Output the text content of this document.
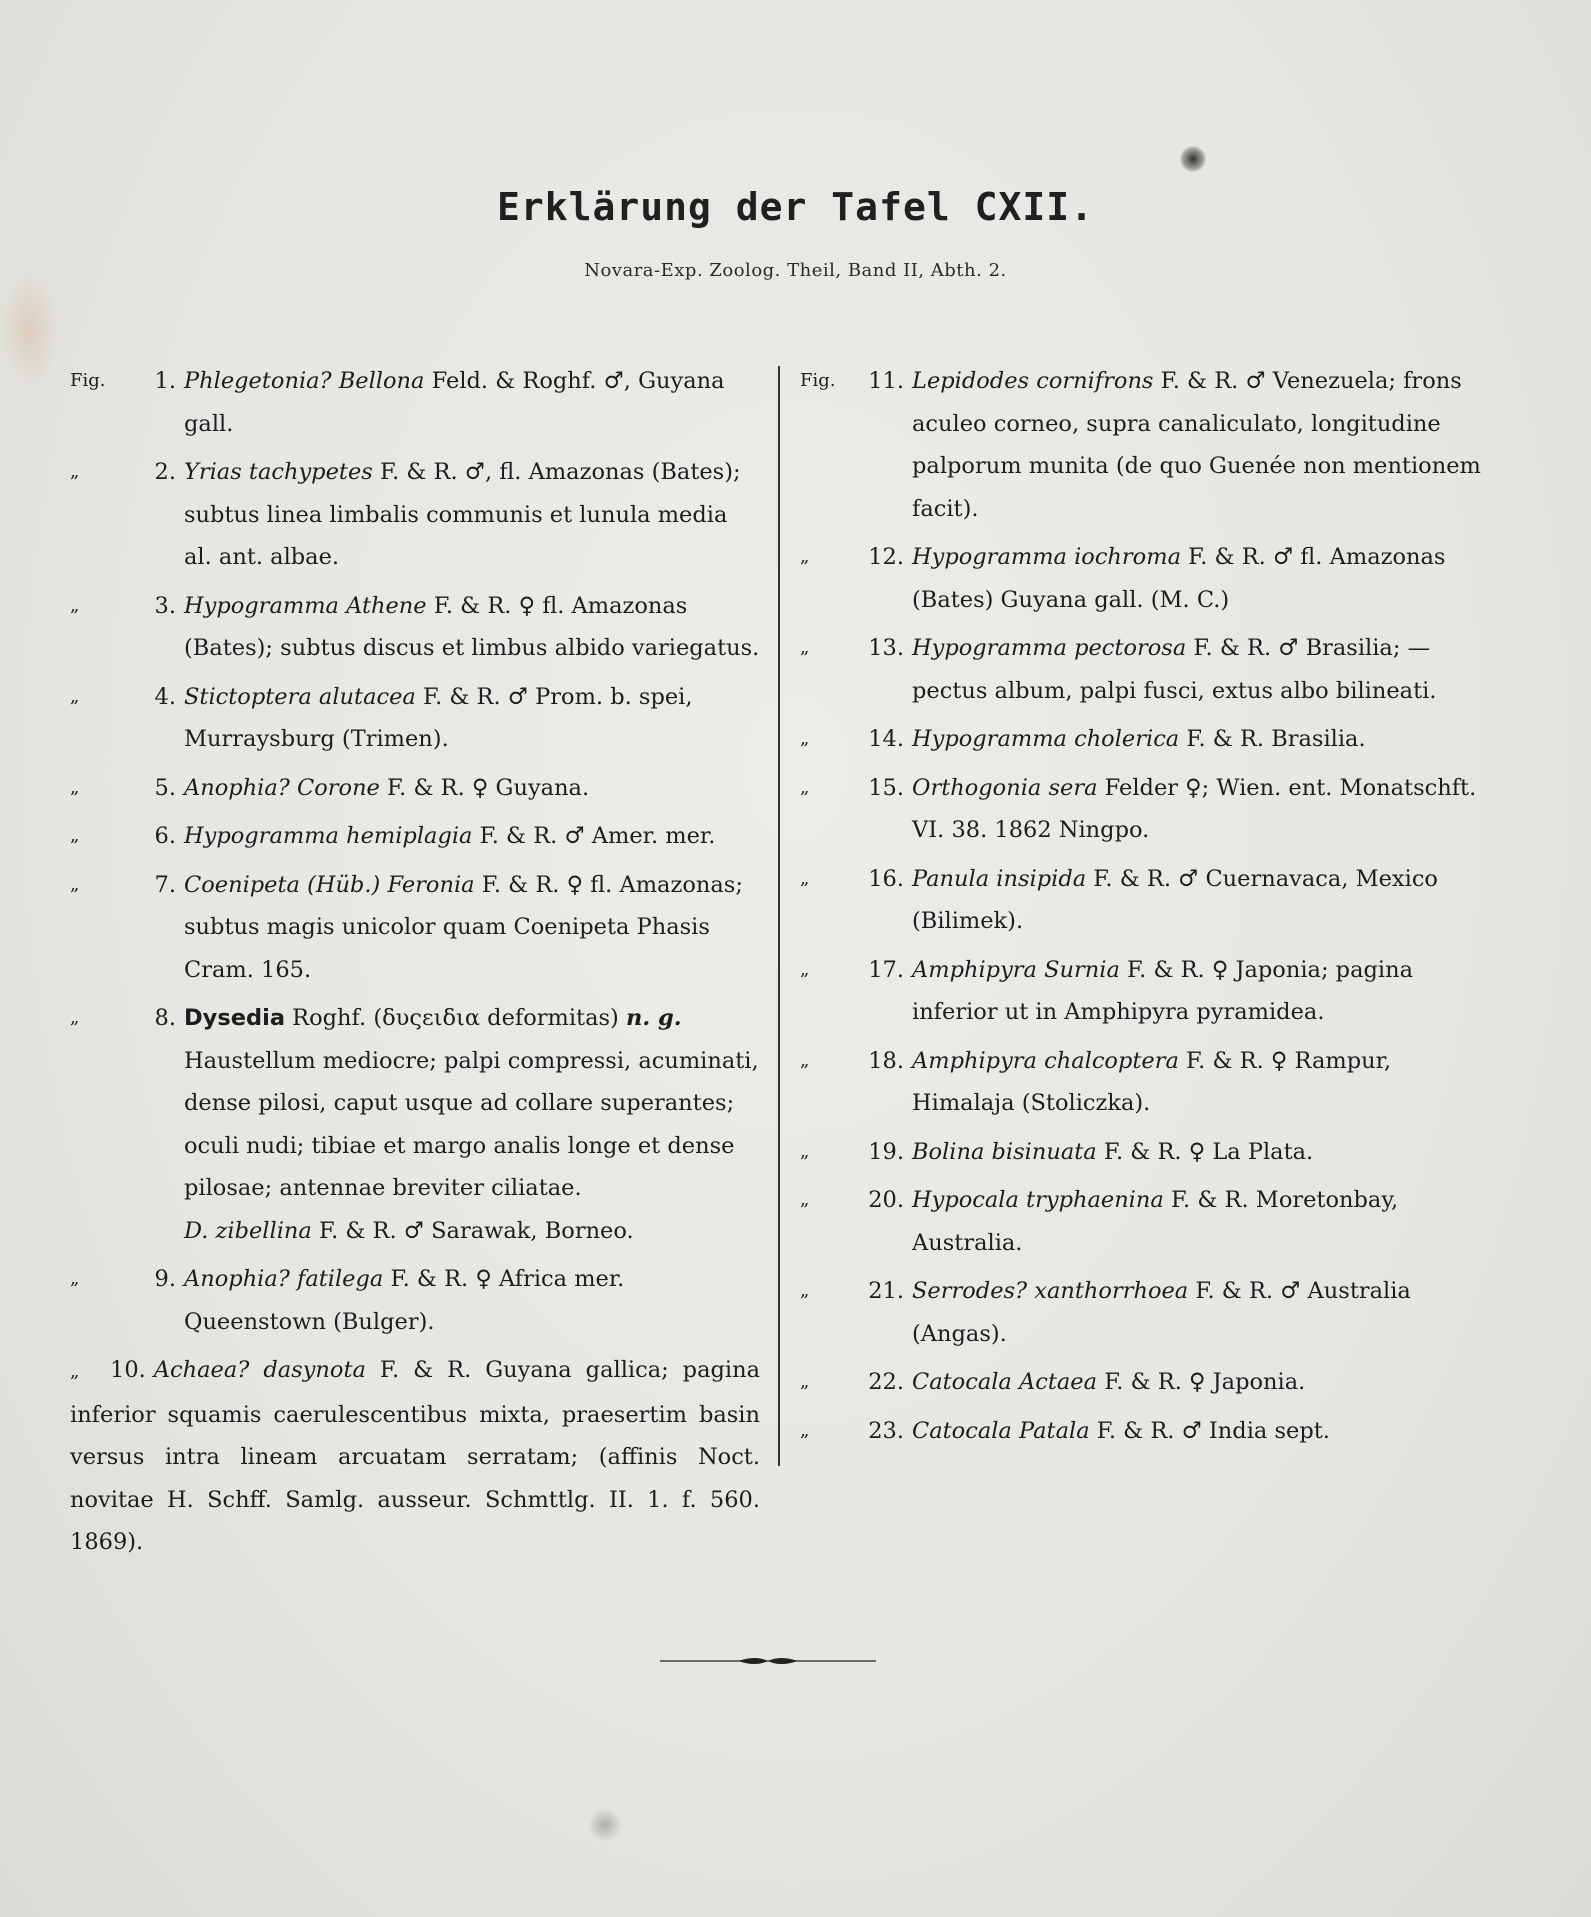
Erklärung der Tafel CXII.
Novara-Exp. Zoolog. Theil, Band II, Abth. 2.
Fig.	1. Phlegetonia? Bellona Feld. & Roghf. ♂, Guyana gall.
„	2. Yrias tachypetes F. & R. ♂, fl. Amazonas (Bates); subtus linea limbalis communis et lunula media al. ant. albae.
„	3. Hypogramma Athene F. & R. ♀ fl. Amazonas (Bates); subtus discus et limbus albido variegatus.
„	4. Stictoptera alutacea F. & R. ♂ Prom. b. spei, Murraysburg (Trimen).
„	5. Anophia? Corone F. & R. ♀ Guyana.
„	6. Hypogramma hemiplagia F. & R. ♂ Amer. mer.
„	7. Coenipeta (Hüb.) Feronia F. & R. ♀ fl. Amazonas; subtus magis unicolor quam Coenipeta Phasis Cram. 165.
„	8. Dysedia Roghf. (δυςειδια deformitas) n. g. Haustellum mediocre; palpi compressi, acuminati, dense pilosi, caput usque ad collare superantes; oculi nudi; tibiae et margo analis longe et dense pilosae; antennae breviter ciliatae.
D. zibellina F. & R. ♂ Sarawak, Borneo.
„	9. Anophia? fatilega F. & R. ♀ Africa mer. Queenstown (Bulger).
„ 10. Achaea? dasynota F. & R. Guyana gallica; pagina inferior squamis caerulescentibus mixta, praesertim basin versus intra lineam arcuatam serratam; (affinis Noct. novitae H. Schff. Samlg. ausseur. Schmttlg. II. 1. f. 560. 1869).
Fig.	11. Lepidodes cornifrons F. & R. ♂ Venezuela; frons aculeo corneo, supra canaliculato, longitudine palporum munita (de quo Guenée non mentionem facit).
„	12. Hypogramma iochroma F. & R. ♂ fl. Amazonas (Bates) Guyana gall. (M. C.)
„	13. Hypogramma pectorosa F. & R. ♂ Brasilia; — pectus album, palpi fusci, extus albo bilineati.
„	14. Hypogramma cholerica F. & R. Brasilia.
„	15. Orthogonia sera Felder ♀; Wien. ent. Monatschft. VI. 38. 1862 Ningpo.
„	16. Panula insipida F. & R. ♂ Cuernavaca, Mexico (Bilimek).
„	17. Amphipyra Surnia F. & R. ♀ Japonia; pagina inferior ut in Amphipyra pyramidea.
„	18. Amphipyra chalcoptera F. & R. ♀ Rampur, Himalaja (Stoliczka).
„	19. Bolina bisinuata F. & R. ♀ La Plata.
„	20. Hypocala tryphaenina F. & R. Moretonbay, Australia.
„	21. Serrodes? xanthorrhoea F. & R. ♂ Australia (Angas).
„	22. Catocala Actaea F. & R. ♀ Japonia.
„	23. Catocala Patala F. & R. ♂ India sept.
